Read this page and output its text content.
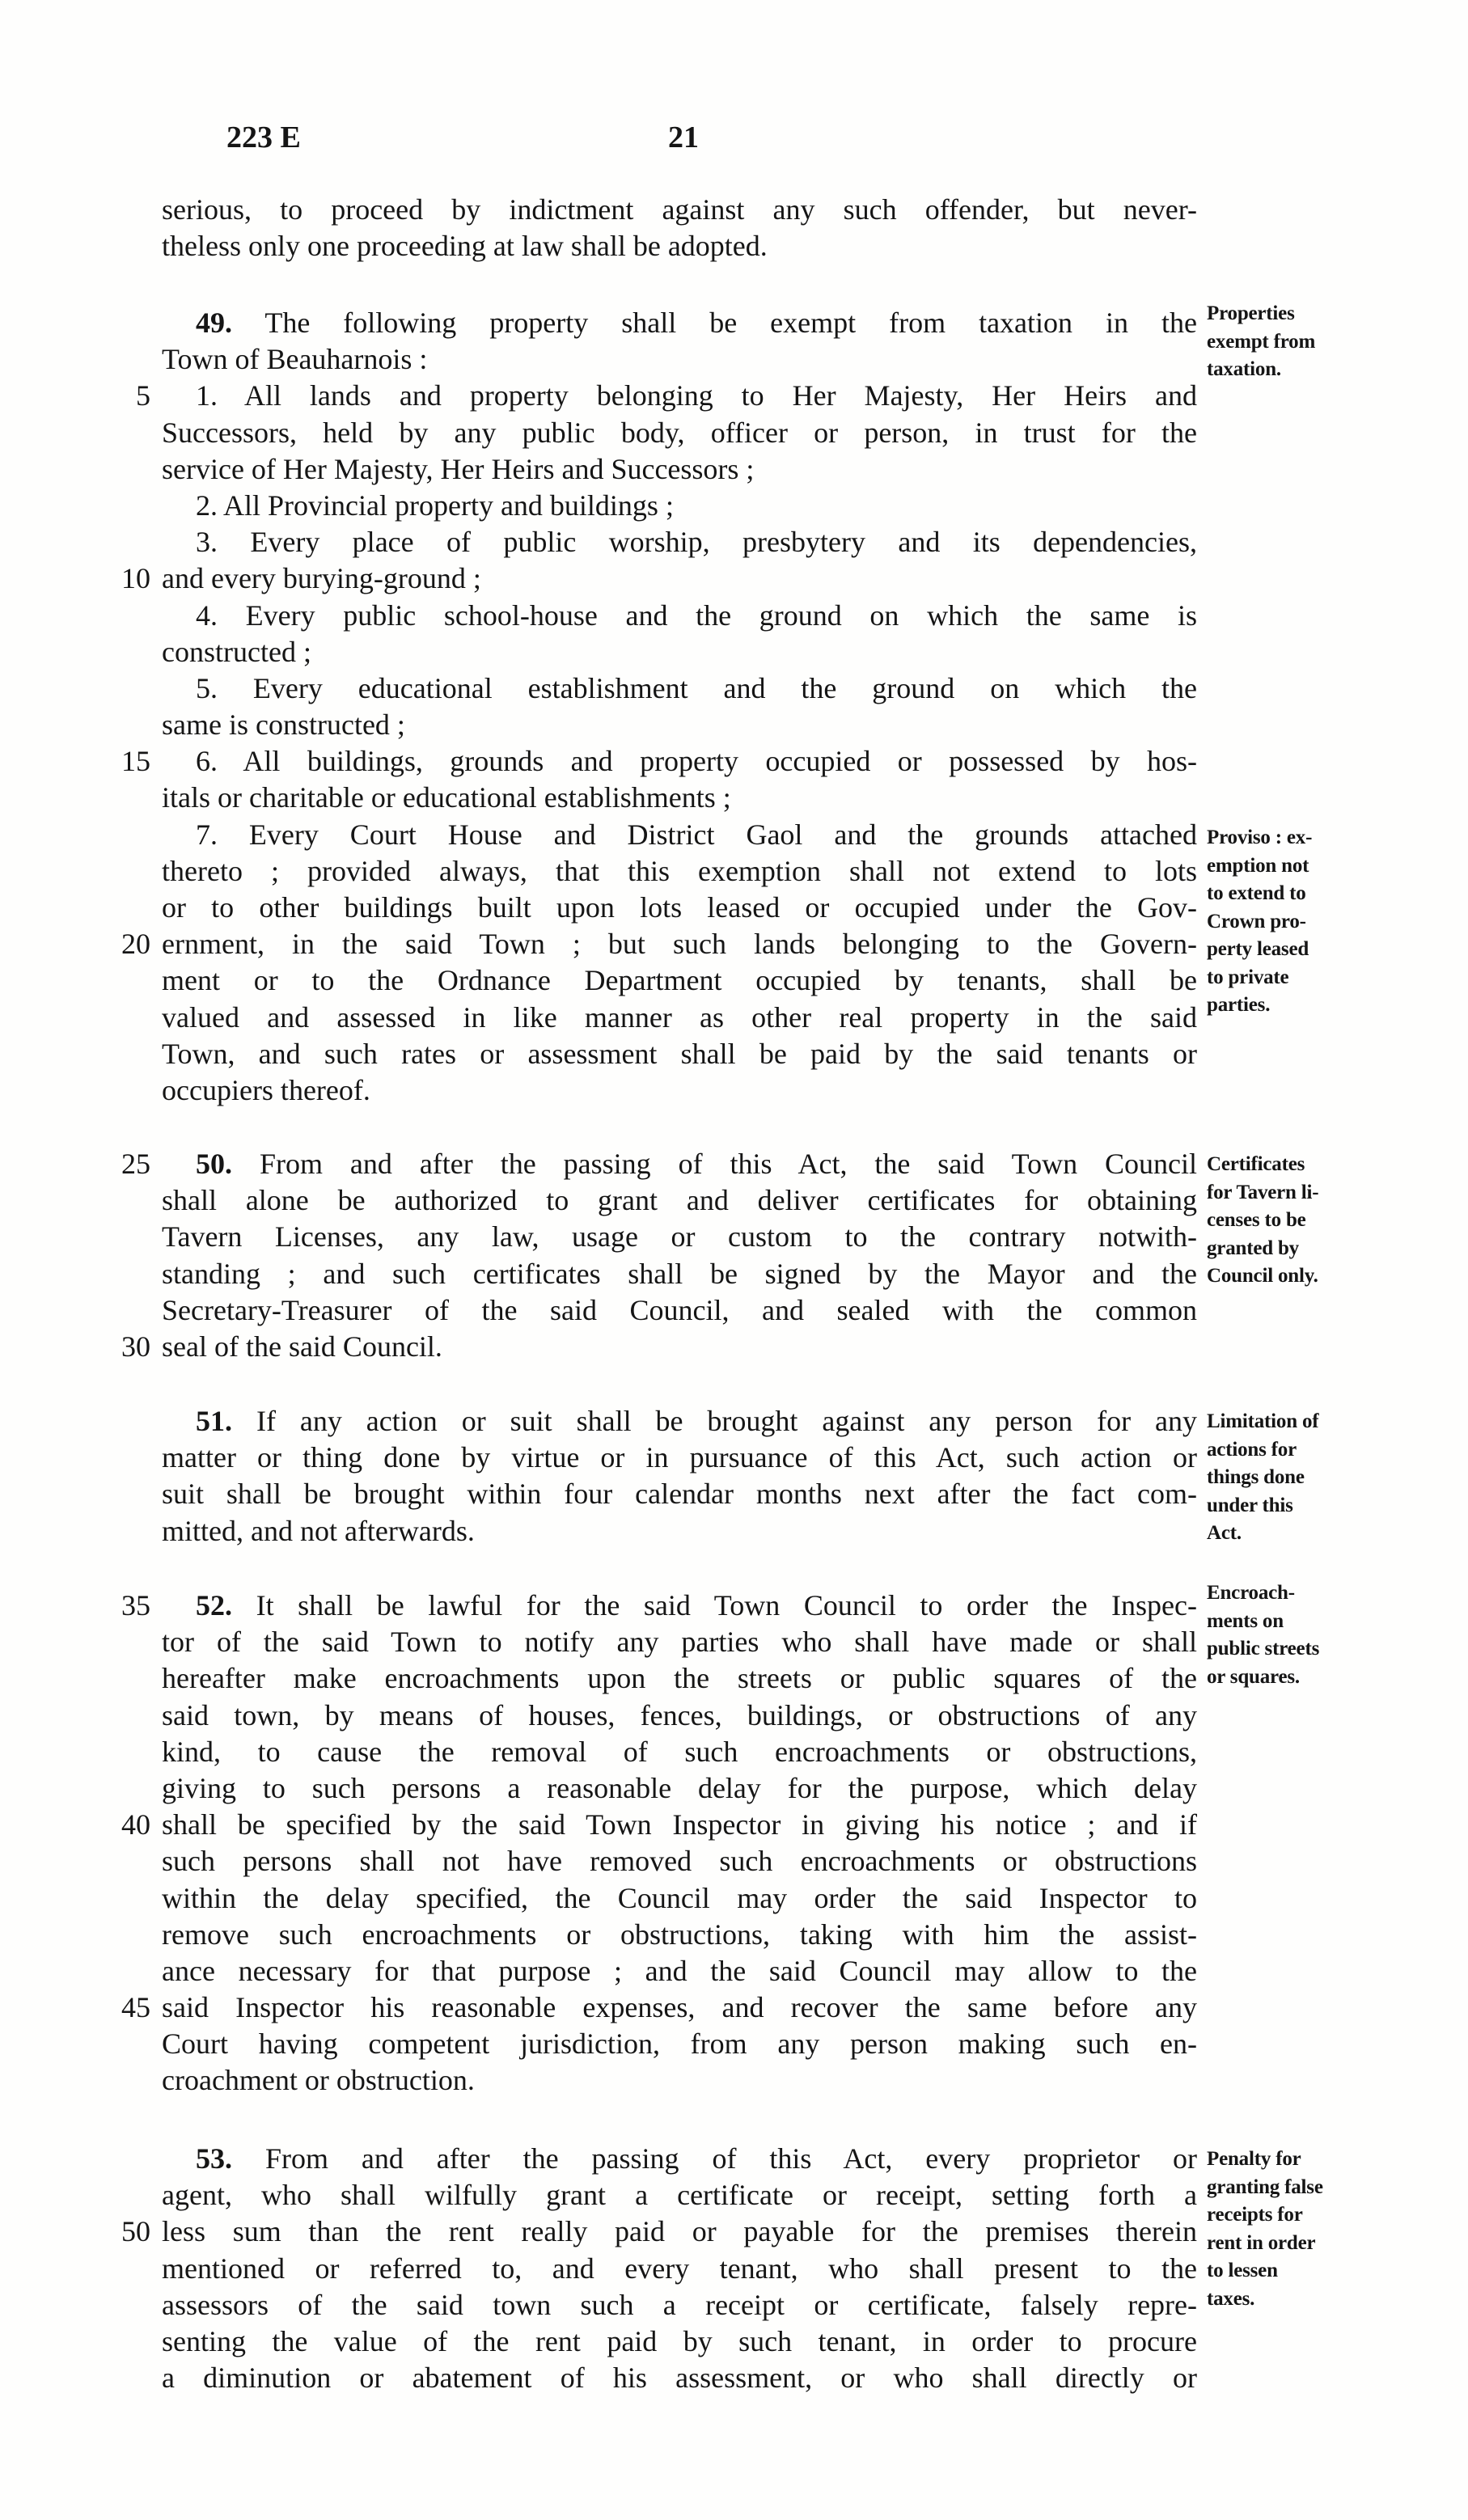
223 E	21
serious, to proceed by indictment against any such offender, but never-
theless only one proceeding at law shall be adopted.
49. The following property shall be exempt from taxation in the
Town of Beauharnois :
5 1. All lands and property belonging to Her Majesty, Her Heirs and
Successors, held by any public body, officer or person, in trust for the
service of Her Majesty, Her Heirs and Successors ;
2. All Provincial property and buildings ;
3. Every place of public worship, presbytery and its dependencies,
10 and every burying-ground ;
4. Every public school-house and the ground on which the same is
constructed ;
5. Every educational establishment and the ground on which the
same is constructed ;
15 6. All buildings, grounds and property occupied or possessed by hos-
itals or charitable or educational establishments ;
7. Every Court House and District Gaol and the grounds attached
thereto ; provided always, that this exemption shall not extend to lots
or to other buildings built upon lots leased or occupied under the Gov-
20 ernment, in the said Town ; but such lands belonging to the Govern-
ment or to the Ordnance Department occupied by tenants, shall be
valued and assessed in like manner as other real property in the said
Town, and such rates or assessment shall be paid by the said tenants or
occupiers thereof.
25 50. From and after the passing of this Act, the said Town Council
shall alone be authorized to grant and deliver certificates for obtaining
Tavern Licenses, any law, usage or custom to the contrary notwith-
standing ; and such certificates shall be signed by the Mayor and the
Secretary-Treasurer of the said Council, and sealed with the common
30 seal of the said Council.
51. If any action or suit shall be brought against any person for any
matter or thing done by virtue or in pursuance of this Act, such action or
suit shall be brought within four calendar months next after the fact com-
mitted, and not afterwards.
35 52. It shall be lawful for the said Town Council to order the Inspec-
tor of the said Town to notify any parties who shall have made or shall
hereafter make encroachments upon the streets or public squares of the
said town, by means of houses, fences, buildings, or obstructions of any
kind, to cause the removal of such encroachments or obstructions,
giving to such persons a reasonable delay for the purpose, which delay
40 shall be specified by the said Town Inspector in giving his notice ; and if
such persons shall not have removed such encroachments or obstructions
within the delay specified, the Council may order the said Inspector to
remove such encroachments or obstructions, taking with him the assist-
ance necessary for that purpose ; and the said Council may allow to the
45 said Inspector his reasonable expenses, and recover the same before any
Court having competent jurisdiction, from any person making such en-
croachment or obstruction.
53. From and after the passing of this Act, every proprietor or
agent, who shall wilfully grant a certificate or receipt, setting forth a
50 less sum than the rent really paid or payable for the premises therein
mentioned or referred to, and every tenant, who shall present to the
assessors of the said town such a receipt or certificate, falsely repre-
senting the value of the rent paid by such tenant, in order to procure
a diminution or abatement of his assessment, or who shall directly or
Properties
exempt from
taxation.
Proviso : ex-
emption not
to extend to
Crown pro-
perty leased
to private
parties.
Certificates
for Tavern li-
censes to be
granted by
Council only.
Limitation of
actions for
things done
under this
Act.
Encroach-
ments on
public streets
or squares.
Penalty for
granting false
receipts for
rent in order
to lessen
taxes.
